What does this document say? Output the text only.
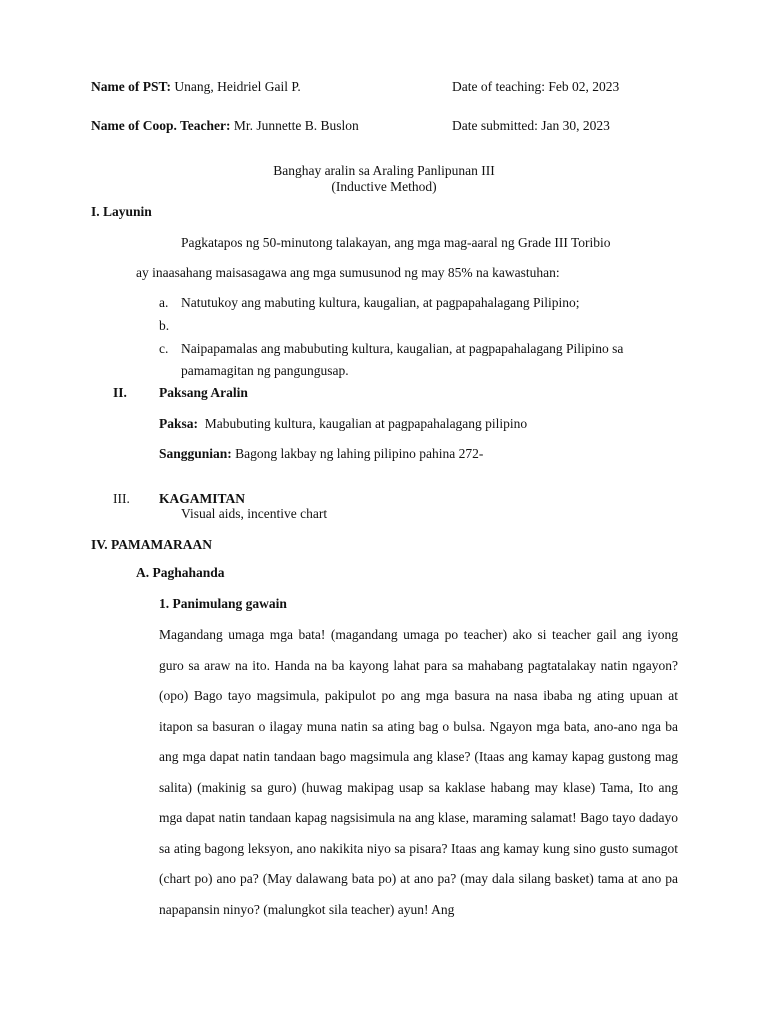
Name of PST: Unang, Heidriel Gail P.	Date of teaching: Feb 02, 2023
Name of Coop. Teacher: Mr. Junnette B. Buslon	Date submitted: Jan 30, 2023
Banghay aralin sa Araling Panlipunan III
(Inductive Method)
I. Layunin
Pagkatapos ng 50-minutong talakayan, ang mga mag-aaral ng Grade III Toribio
ay inaasahang maisasagawa ang mga sumusunod ng may 85% na kawastuhan:
a. Natutukoy ang mabuting kultura, kaugalian, at pagpapahalagang Pilipino;
b.
c. Naipapamalas ang mabubuting kultura, kaugalian, at pagpapahalagang Pilipino sa
pamamagitan ng pangungusap.
II. Paksang Aralin
Paksa:  Mabubuting kultura, kaugalian at pagpapahalagang pilipino
Sanggunian: Bagong lakbay ng lahing pilipino pahina 272-
III. KAGAMITAN
Visual aids, incentive chart
IV. PAMAMARAAN
A. Paghahanda
1. Panimulang gawain
Magandang umaga mga bata! (magandang umaga po teacher) ako si teacher gail ang iyong guro sa araw na ito. Handa na ba kayong lahat para sa mahabang pagtatalakay natin ngayon? (opo) Bago tayo magsimula, pakipulot po ang mga basura na nasa ibaba ng ating upuan at itapon sa basuran o ilagay muna natin sa ating bag o bulsa. Ngayon mga bata, ano-ano nga ba ang mga dapat natin tandaan bago magsimula ang klase? (Itaas ang kamay kapag gustong mag salita) (makinig sa guro) (huwag makipag usap sa kaklase habang may klase) Tama, Ito ang mga dapat natin tandaan kapag nagsisimula na ang klase, maraming salamat! Bago tayo dadayo sa ating bagong leksyon, ano nakikita niyo sa pisara? Itaas ang kamay kung sino gusto sumagot (chart po) ano pa? (May dalawang bata po) at ano pa? (may dala silang basket) tama at ano pa napapansin ninyo? (malungkot sila teacher) ayun! Ang
